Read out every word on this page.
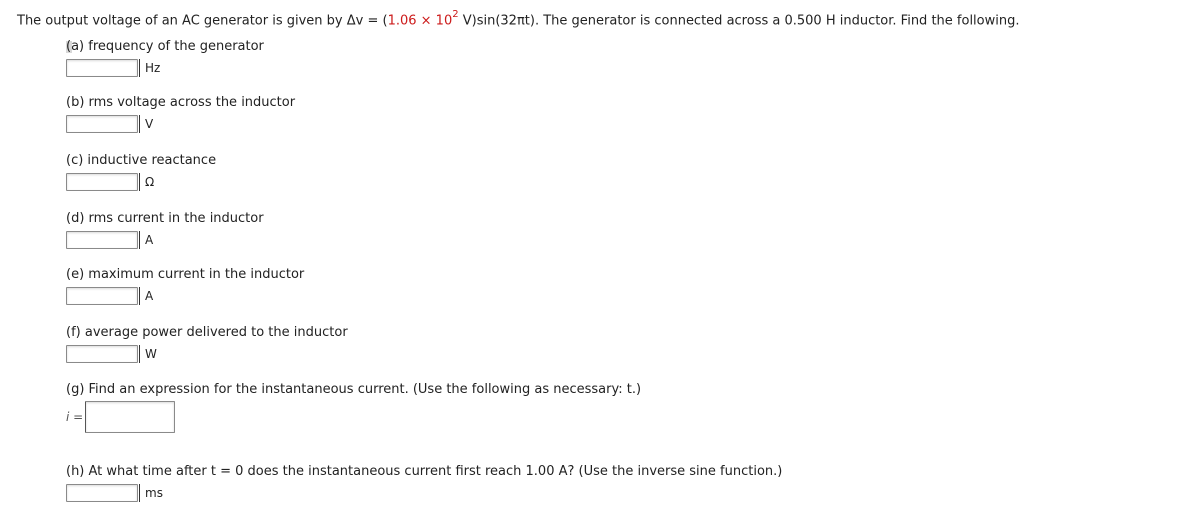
The output voltage of an AC generator is given by $\Delta v = (1.06 \times 10^2$ V)sin(32πt). The generator is connected across a 0.500 H inductor. Find the following.
(a) frequency of the generator
Hz
(b) rms voltage across the inductor
V
(c) inductive reactance
Ω
(d) rms current in the inductor
A
(e) maximum current in the inductor
A
(f) average power delivered to the inductor
W
(g) Find an expression for the instantaneous current. (Use the following as necessary: t.)
i =
(h) At what time after t = 0 does the instantaneous current first reach 1.00 A? (Use the inverse sine function.)
ms
